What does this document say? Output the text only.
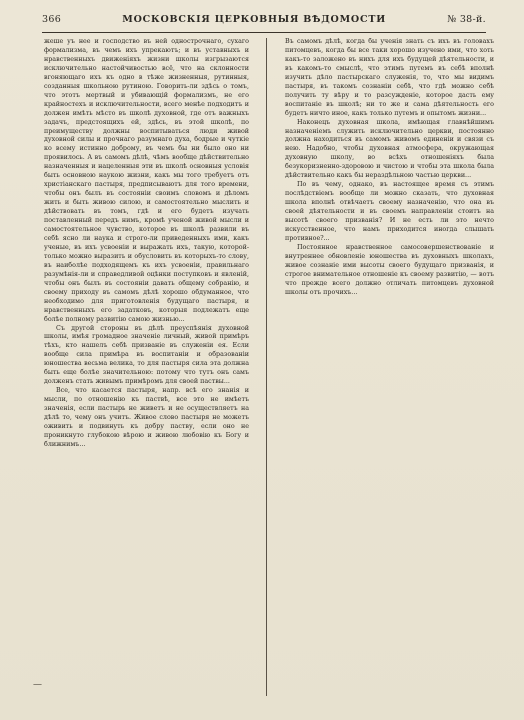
366	МОСКОВСКІЯ ЦЕРКОВНЫЯ ВѢДОМОСТИ	№ 38-й.

жеше уъ нее и господство въ ней однострочнаго, сухаго формализма, въ чемъ ихъ упрекаютъ; и въ уставныхъ и нравственныхъ движеніяхъ жизни школы изгрызаются исключительно настойчивостью всё, что на склонности вгоняющаго ихъ къ одно в тѣже жизненныя, рутинныя, созданныя школьною рутиною. Говорить-ли здѣсь о томъ, что этотъ мертвый и убивающій формализмъ, не его крайностехъ и исключительности, всего менѣе подходитъ и должен имѣть мѣсто въ школѣ духовной, где отъ важныхъ задачъ, предстоящихъ ей, здѣсь, въ этой школѣ, по преимуществу должны воспитываться люди живой духовной силы и прочнаго разумнаго духа, бодрые и чуткіе ко всему истинно доброму, въ чемъ бы ни было оно ни проявилось. А въ самомъ дѣлѣ, чѣмъ вообще дѣйствительно назначенныя и нацеленныя эти въ школѣ основныя условія быть основною наукою жизни, какъ мы того требуетъ отъ христіанскаго пастыря, предписываютъ для того времени, чтобы онъ былъ въ состояніи своимъ словомъ и дѣломъ жить и быть живою силою, и самостоятельно мыслить и дѣйствовать въ томъ, гдѣ и его будетъ изучать поставленный передъ нимъ, кромѣ ученой живой мысли и самостоятельное чувство, которое въ школѣ развили въ себѣ ясно ли наука и строго-ли приведенныхъ ими, какъ ученые, въ ихъ усвоеніи и выражать ихъ, такую, которой-только можно выразить и обусловить въ которыхъ-то слову, въ наиболѣе подходящемъ къ ихъ усвоеніи, правильнаго разумѣнія-ли и справедливой оцѣнки поступковъ и явленій, чтобы онъ былъ въ состояніи давать общему собранію, и своему приходу въ самомъ дѣлѣ хорошо обдуманное, что необходимо для приготовленія будущаго пастыря, и нравственныхъ его задатковъ, которыя подлежатъ еще болѣе полному развитію самою жизнью...

Съ другой стороны въ дѣлѣ преуспѣянія духовной школы, имѣя громадное значеніе личный, живой примѣръ тѣхъ, кто нашелъ себѣ призваніе въ служеніи ея. Если вообще сила примѣра въ воспитаніи и образованіи юношества весьма велика, то для пастыря сила эта должна быть еще болѣе значительною: потому что тутъ онъ самъ долженъ стать живымъ примѣромъ для своей паствы...

Все, что касается пастыря, напр. всѣ его знанія и мысли, по отношенію къ паствѣ, все это не имѣетъ значенія, если пастырь не живетъ и не осуществляетъ на дѣлѣ то, чему онъ учитъ. Живое слово пастыря не можетъ оживить и подвинуть къ добру паству, если оно не проникнуто глубокою вѣрою и живою любовію къ Богу и ближнимъ...

Въ самомъ дѣлѣ, когда бы ученія знать съ ихъ въ головахъ питомцевъ, когда бы все таки хорошо изучено ими, что хоть какъ-то заложено въ нихъ для ихъ будущей дѣятельности, и въ какомъ-то смыслѣ, что этимъ путемъ въ себѣ вполнѣ изучить дѣло пастырскаго служенія, то, что мы видимъ пастыря, въ такомъ сознаніи себѣ, что гдѣ можно себѣ получить ту вѣру и то разсужденіе, которое дасть ему воспитаніе въ школѣ; ни то же и сама дѣятельность его будетъ ничто иное, какъ только путемъ и опытомъ жизни...

Наконецъ духовная школа, имѣющая главнѣйшимъ назначеніемъ служить исключительно церкви, постоянно должна находиться въ самомъ живомъ единеніи и связи съ нею. Надобно, чтобы духовная атмосфера, окружающая духовную школу, во всѣхъ отношеніяхъ была безукоризненно-здоровою и чистою и чтобы эта школа была дѣйствительно какъ бы нераздѣльною частью церкви...

По въ чему, однако, въ настоящее время съ этимъ послѣдствіемъ вообще ли можно сказать, что духовная школа вполнѣ отвѣчаетъ своему назначенію, что она въ своей дѣятельности и въ своемъ направленіи стоитъ на высотѣ своего призванія? И не есть ли это нечто искусственное, что намъ приходится иногда слышать противное?...

Постоянное нравственное самосовершенствованіе и внутреннее обновленіе юношества въ духовныхъ школахъ, живое сознаніе ими высоты своего будущаго призванія, и строгое внимательное отношеніе къ своему развитію, — вотъ что прежде всего должно отличать питомцевъ духовной школы отъ прочихъ...

—
